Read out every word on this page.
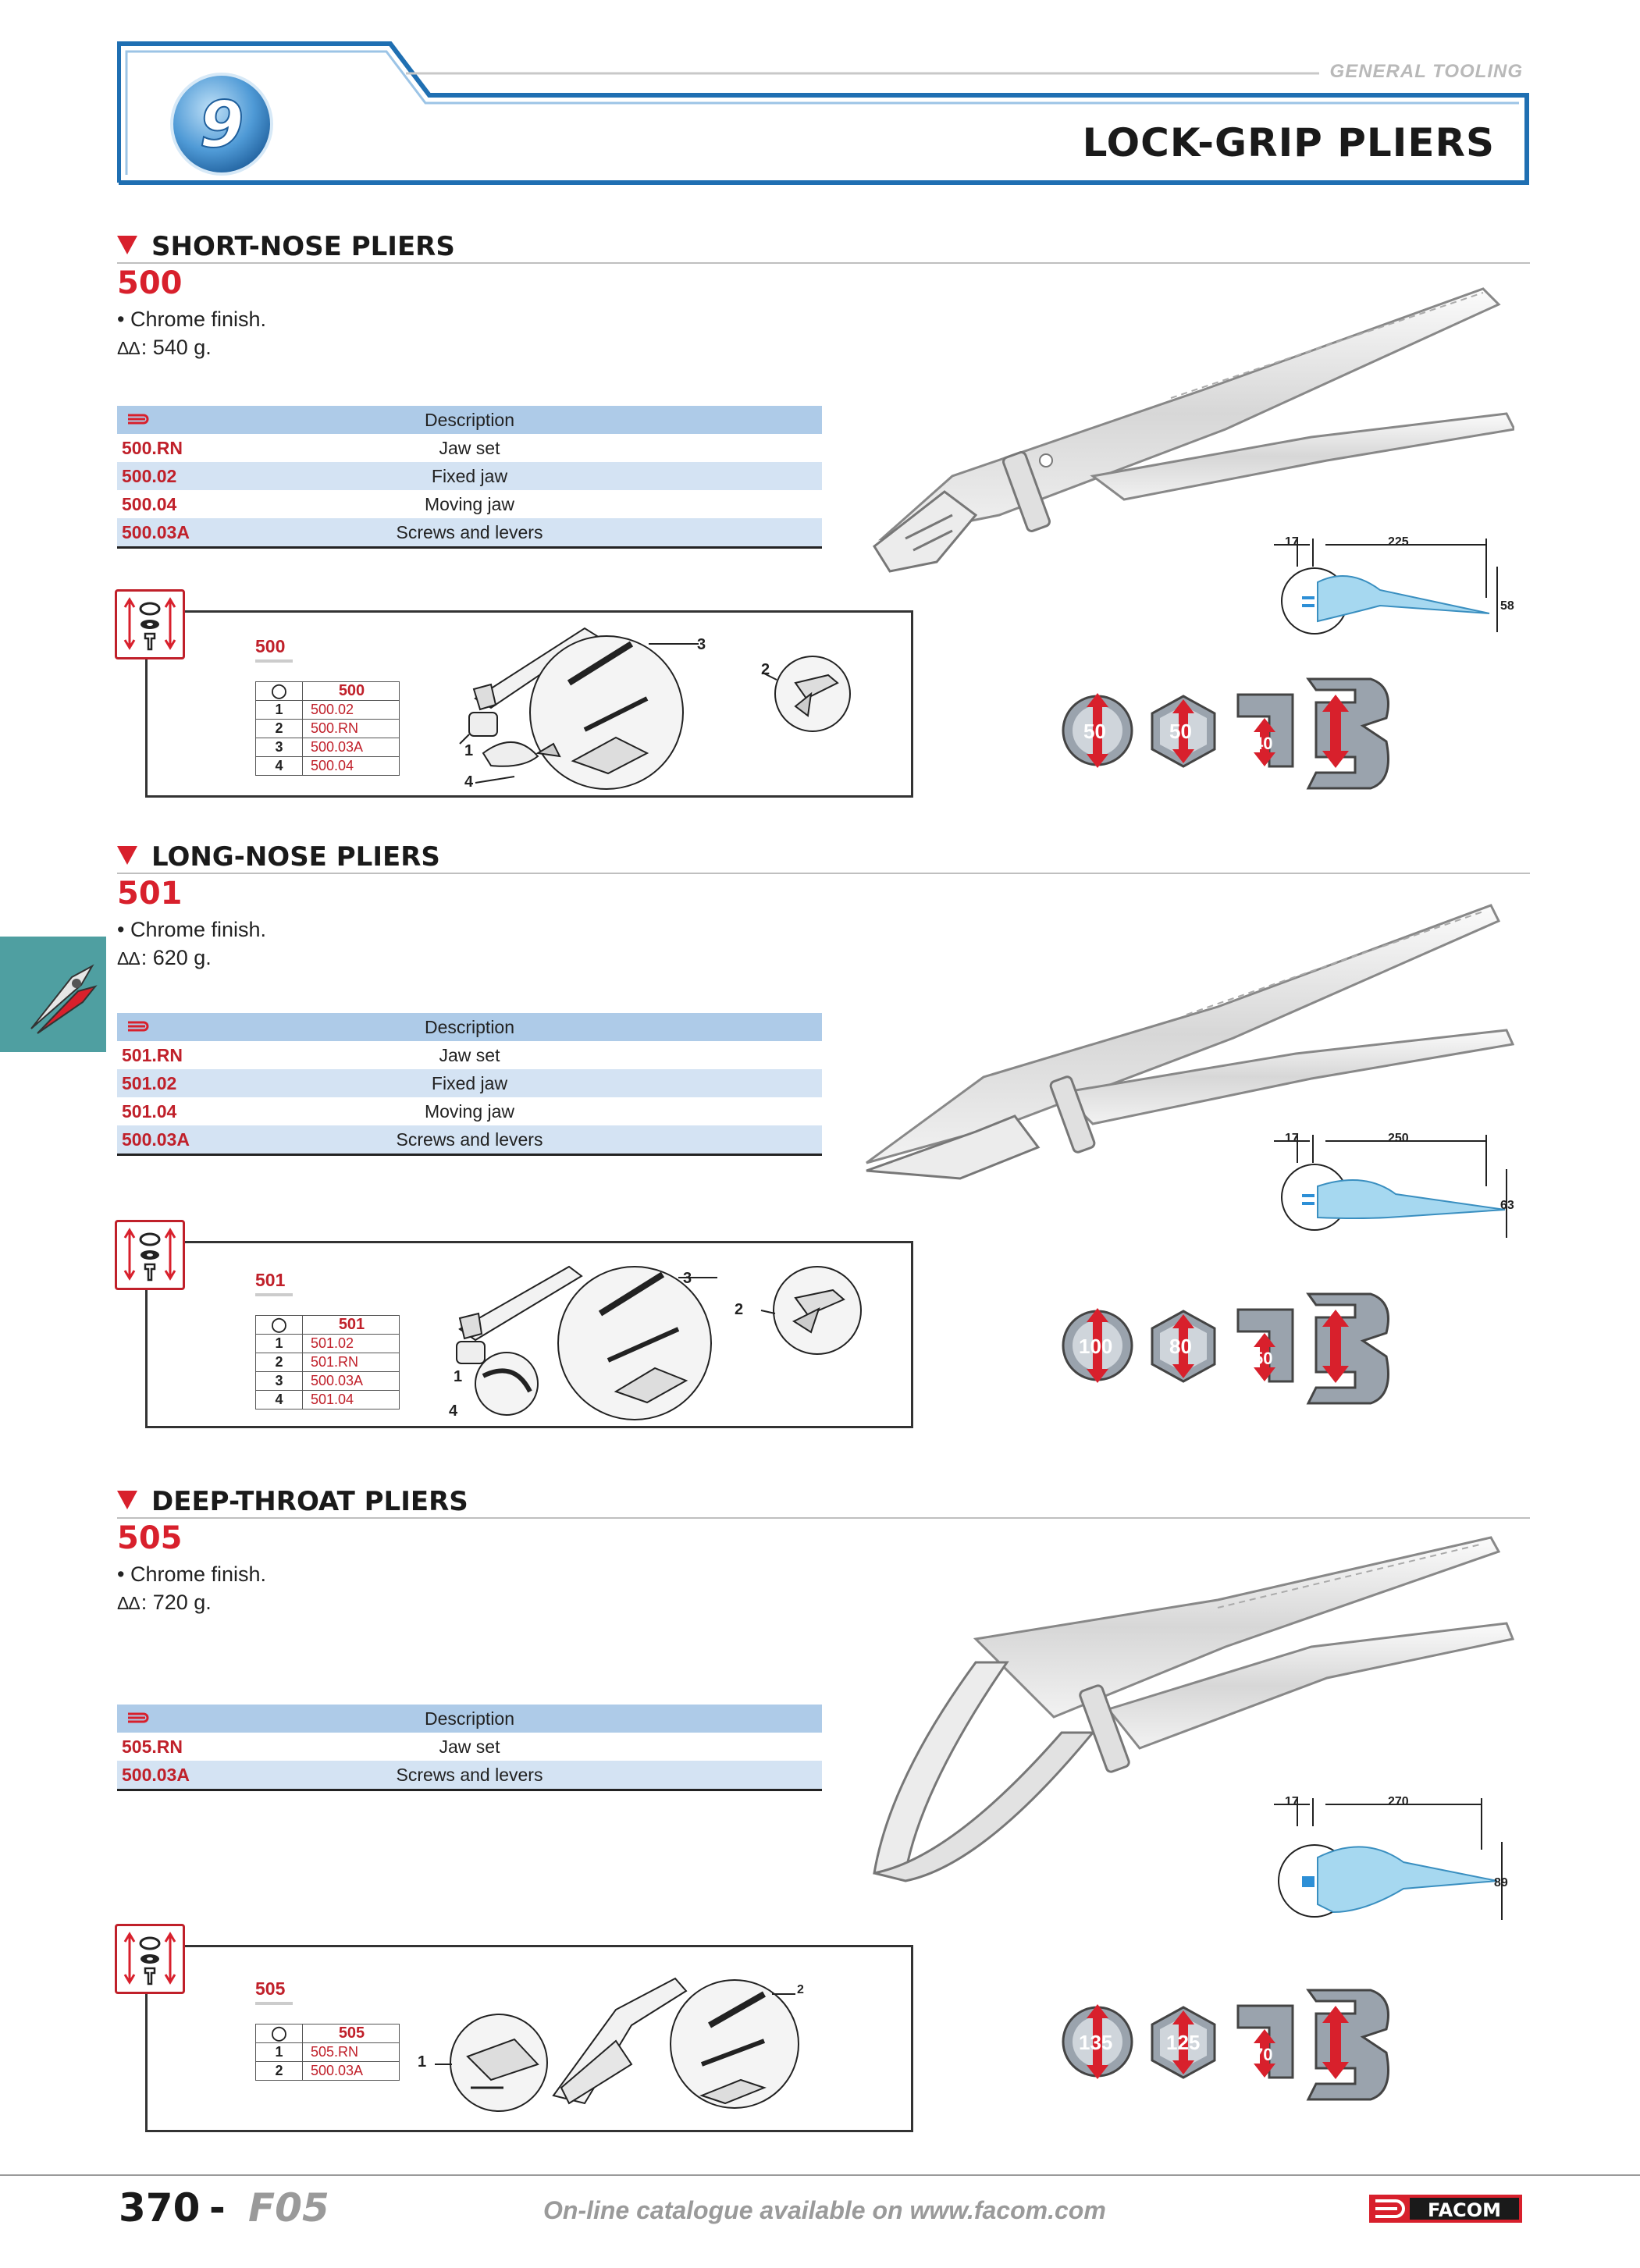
9
GENERAL TOOLING
LOCK-GRIP PLIERS
SHORT-NOSE PLIERS
500
• Chrome finish.
ΔΔ: 540 g.
Description
500.RN	Jaw set
500.02	Fixed jaw
500.04	Moving jaw
500.03A	Screws and levers
500
◯	500
1	500.02
2	500.RN
3	500.03A
4	500.04
3
2
1
4
17	225
58
50	50
40
LONG-NOSE PLIERS
501
• Chrome finish.
ΔΔ: 620 g.
Description
501.RN	Jaw set
501.02	Fixed jaw
501.04	Moving jaw
500.03A	Screws and levers
501
◯	501
1	501.02
2	501.RN
3	500.03A
4	501.04
3
2
1
4
17	250
63
100	80
50
DEEP-THROAT PLIERS
505
• Chrome finish.
ΔΔ: 720 g.
Description
505.RN	Jaw set
500.03A	Screws and levers
505
◯	505
1	505.RN
2	500.03A
2
1
17	270
89
135	125
70
370 - F05	On-line catalogue available on www.facom.com	FACOM
